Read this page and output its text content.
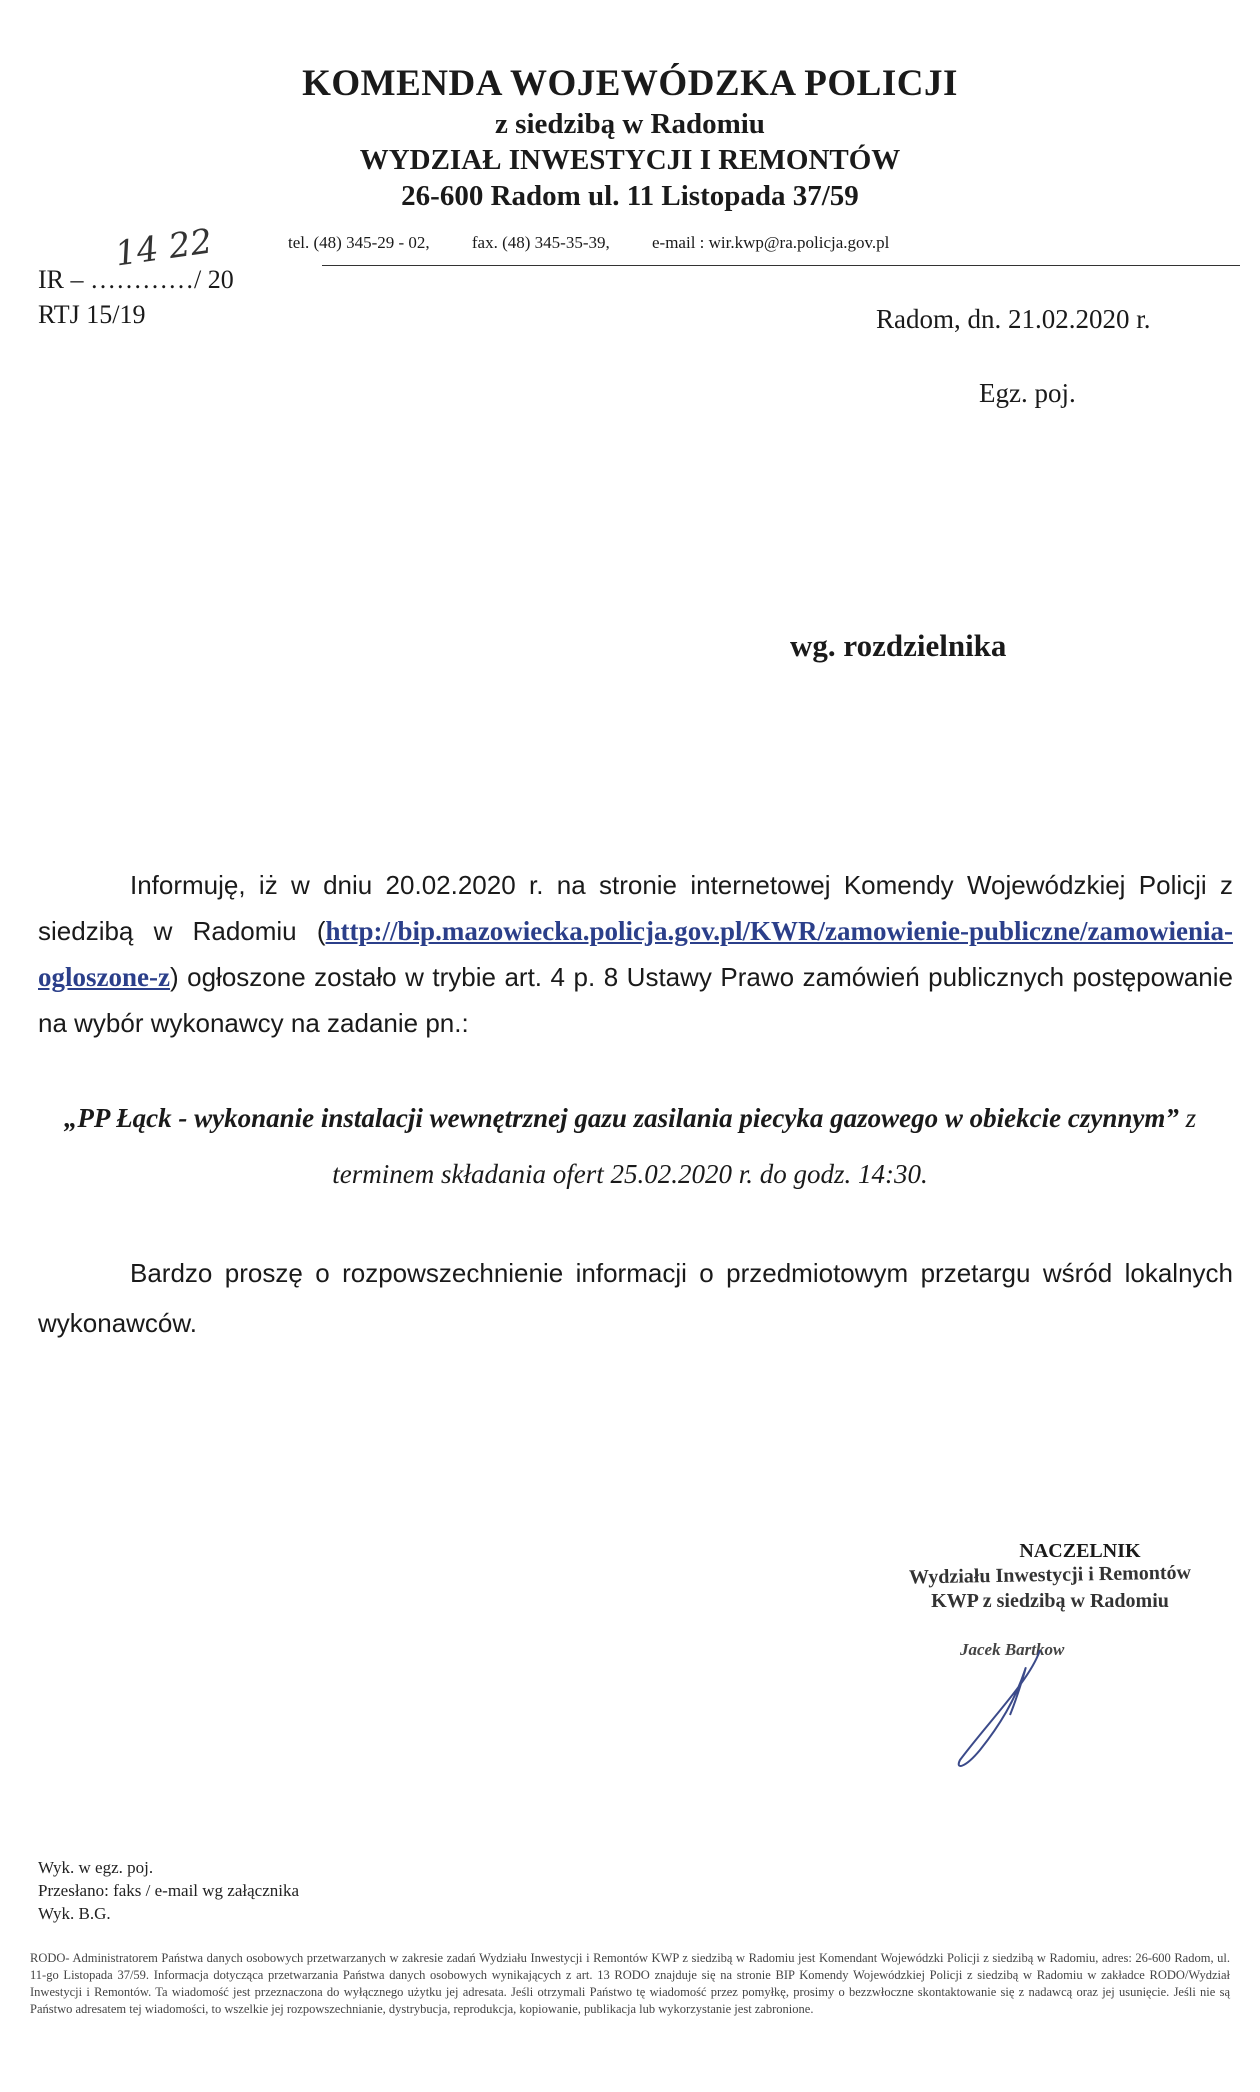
KOMENDA WOJEWÓDZKA POLICJI
z siedzibą w Radomiu
WYDZIAŁ INWESTYCJI I REMONTÓW
26-600 Radom ul. 11 Listopada 37/59
tel. (48) 345-29 - 02, fax. (48) 345-35-39, e-mail : wir.kwp@ra.policja.gov.pl
IR – …………/ 20
14 22
RTJ 15/19	Radom, dn. 21.02.2020 r.
Egz. poj.
wg. rozdzielnika
Informuję, iż w dniu 20.02.2020 r. na stronie internetowej Komendy Wojewódzkiej Policji z siedzibą w Radomiu (http://bip.mazowiecka.policja.gov.pl/KWR/zamowienie-publiczne/zamowienia-ogloszone-z) ogłoszone zostało w trybie art. 4 p. 8 Ustawy Prawo zamówień publicznych postępowanie na wybór wykonawcy na zadanie pn.:
„PP Łąck - wykonanie instalacji wewnętrznej gazu zasilania piecyka gazowego w obiekcie czynnym” z terminem składania ofert 25.02.2020 r. do godz. 14:30.
Bardzo proszę o rozpowszechnienie informacji o przedmiotowym przetargu wśród lokalnych wykonawców.
NACZELNIK
Wydziału Inwestycji i Remontów
KWP z siedzibą w Radomiu
Jacek Bartkow
Wyk. w egz. poj.
Przesłano: faks / e-mail wg załącznika
Wyk. B.G.
RODO- Administratorem Państwa danych osobowych przetwarzanych w zakresie zadań Wydziału Inwestycji i Remontów KWP z siedzibą w Radomiu jest Komendant Wojewódzki Policji z siedzibą w Radomiu, adres: 26-600 Radom, ul. 11-go Listopada 37/59. Informacja dotycząca przetwarzania Państwa danych osobowych wynikających z art. 13 RODO znajduje się na stronie BIP Komendy Wojewódzkiej Policji z siedzibą w Radomiu w zakładce RODO/Wydział Inwestycji i Remontów. Ta wiadomość jest przeznaczona do wyłącznego użytku jej adresata. Jeśli otrzymali Państwo tę wiadomość przez pomyłkę, prosimy o bezzwłoczne skontaktowanie się z nadawcą oraz jej usunięcie. Jeśli nie są Państwo adresatem tej wiadomości, to wszelkie jej rozpowszechnianie, dystrybucja, reprodukcja, kopiowanie, publikacja lub wykorzystanie jest zabronione.
